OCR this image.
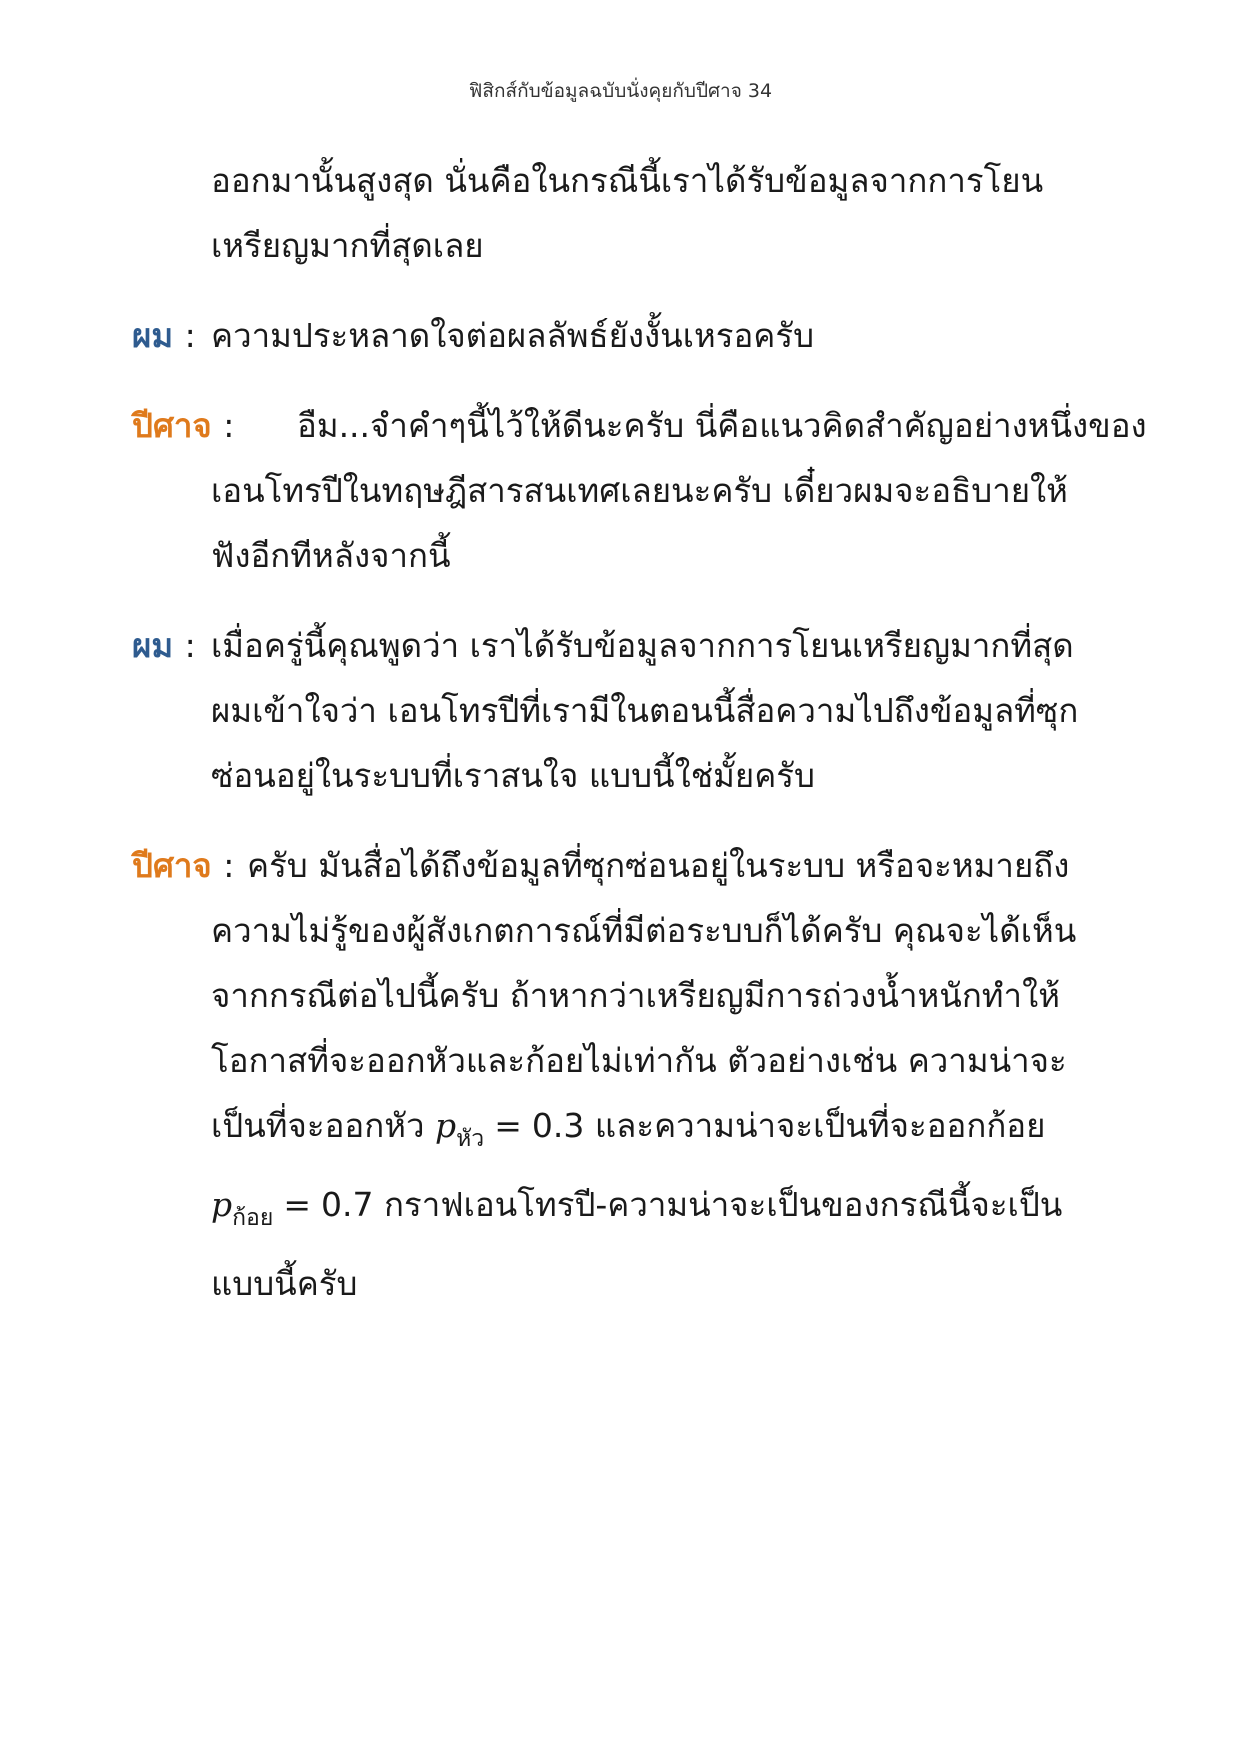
ฟิสิกส์กับข้อมูลฉบับนั่งคุยกับปีศาจ 34
ออกมานั้นสูงสุด นั่นคือในกรณีนี้เราได้รับข้อมูลจากการโยน
เหรียญมากที่สุดเลย
ผม : ความประหลาดใจต่อผลลัพธ์ยังงั้นเหรอครับ
ปีศาจ : อืม...จำคำๆนี้ไว้ให้ดีนะครับ นี่คือแนวคิดสำคัญอย่างหนึ่งของ
เอนโทรปีในทฤษฎีสารสนเทศเลยนะครับ เดี๋ยวผมจะอธิบายให้
ฟังอีกทีหลังจากนี้
ผม : เมื่อครู่นี้คุณพูดว่า เราได้รับข้อมูลจากการโยนเหรียญมากที่สุด
ผมเข้าใจว่า เอนโทรปีที่เรามีในตอนนี้สื่อความไปถึงข้อมูลที่ซุก
ซ่อนอยู่ในระบบที่เราสนใจ แบบนี้ใช่มั้ยครับ
ปีศาจ : ครับ มันสื่อได้ถึงข้อมูลที่ซุกซ่อนอยู่ในระบบ หรือจะหมายถึง
ความไม่รู้ของผู้สังเกตการณ์ที่มีต่อระบบก็ได้ครับ คุณจะได้เห็น
จากกรณีต่อไปนี้ครับ ถ้าหากว่าเหรียญมีการถ่วงน้ำหนักทำให้
โอกาสที่จะออกหัวและก้อยไม่เท่ากัน ตัวอย่างเช่น ความน่าจะ
เป็นที่จะออกหัว $p_{หัว} = 0.3$ และความน่าจะเป็นที่จะออกก้อย
$p_{ก้อย} = 0.7$ กราฟเอนโทรปี-ความน่าจะเป็นของกรณีนี้จะเป็น
แบบนี้ครับ
